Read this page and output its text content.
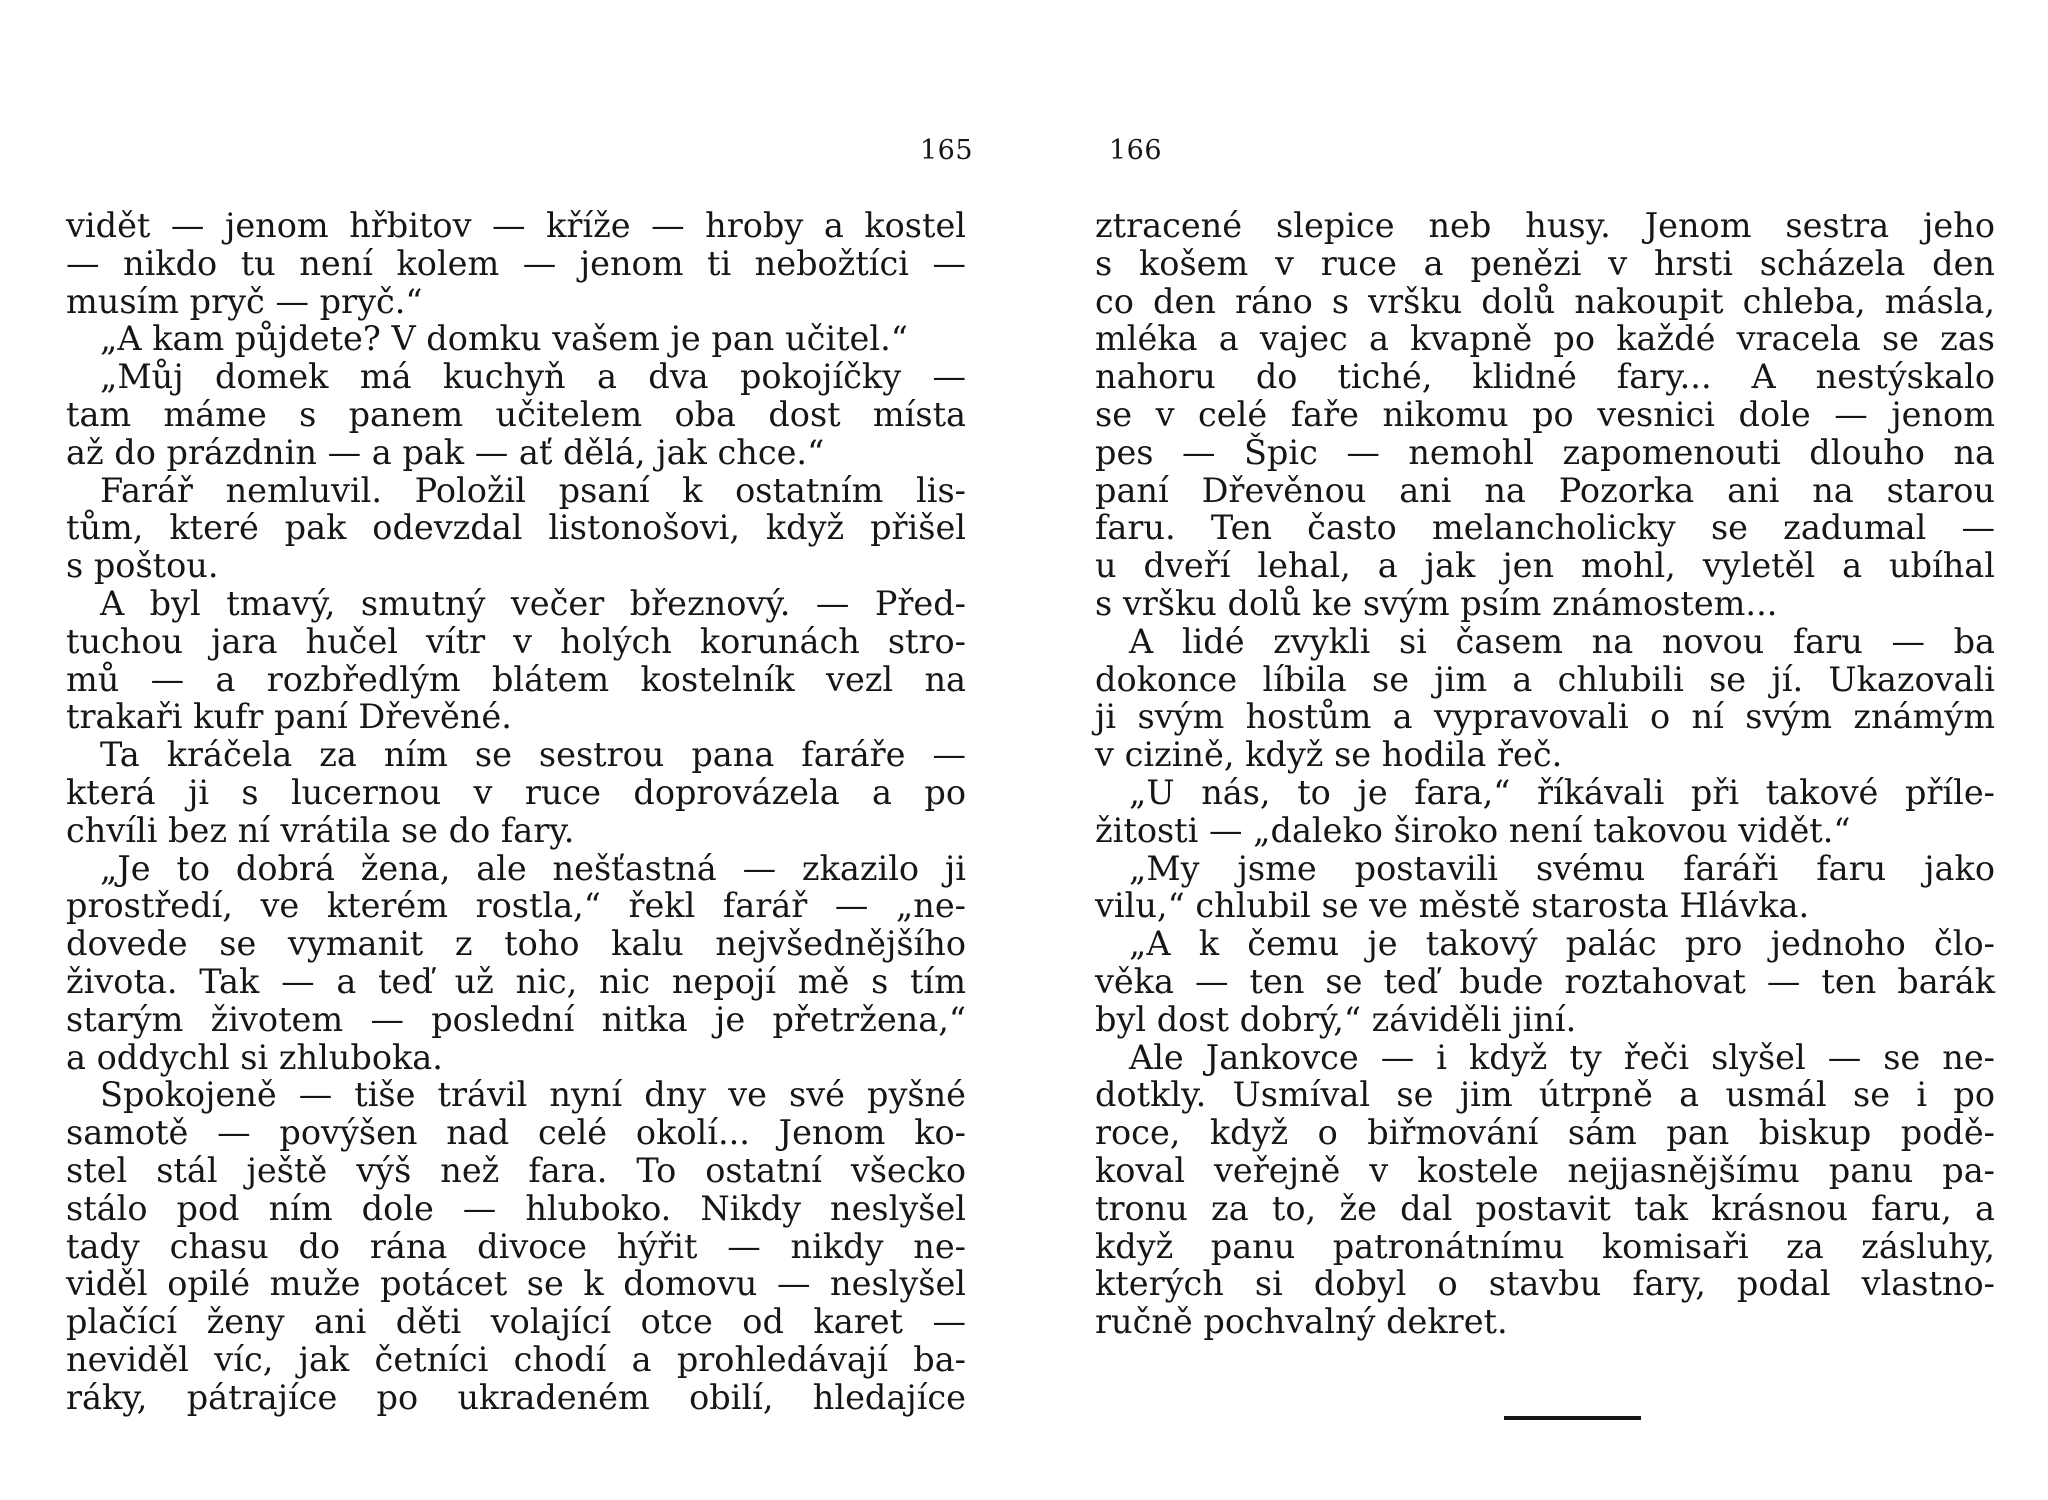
165
vidět — jenom hřbitov — kříže — hroby a kostel
— nikdo tu není kolem — jenom ti nebožtíci —
musím pryč — pryč.“
„A kam půjdete? V domku vašem je pan učitel.“
„Můj domek má kuchyň a dva pokojíčky —
tam máme s panem učitelem oba dost místa
až do prázdnin — a pak — ať dělá, jak chce.“
Farář nemluvil. Položil psaní k ostatním lis-
tům, které pak odevzdal listonošovi, když přišel
s poštou.
A byl tmavý, smutný večer březnový. — Před-
tuchou jara hučel vítr v holých korunách stro-
mů — a rozbředlým blátem kostelník vezl na
trakaři kufr paní Dřevěné.
Ta kráčela za ním se sestrou pana faráře —
která ji s lucernou v ruce doprovázela a po
chvíli bez ní vrátila se do fary.
„Je to dobrá žena, ale nešťastná — zkazilo ji
prostředí, ve kterém rostla,“ řekl farář — „ne-
dovede se vymanit z toho kalu nejvšednějšího
života. Tak — a teď už nic, nic nepojí mě s tím
starým životem — poslední nitka je přetržena,“
a oddychl si zhluboka.
Spokojeně — tiše trávil nyní dny ve své pyšné
samotě — povýšen nad celé okolí... Jenom ko-
stel stál ještě výš než fara. To ostatní všecko
stálo pod ním dole — hluboko. Nikdy neslyšel
tady chasu do rána divoce hýřit — nikdy ne-
viděl opilé muže potácet se k domovu — neslyšel
plačící ženy ani děti volající otce od karet —
neviděl víc, jak četníci chodí a prohledávají ba-
ráky, pátrajíce po ukradeném obilí, hledajíce
166
ztracené slepice neb husy. Jenom sestra jeho
s košem v ruce a penězi v hrsti scházela den
co den ráno s vršku dolů nakoupit chleba, másla,
mléka a vajec a kvapně po každé vracela se zas
nahoru do tiché, klidné fary... A nestýskalo
se v celé faře nikomu po vesnici dole — jenom
pes — Špic — nemohl zapomenouti dlouho na
paní Dřevěnou ani na Pozorka ani na starou
faru. Ten často melancholicky se zadumal —
u dveří lehal, a jak jen mohl, vyletěl a ubíhal
s vršku dolů ke svým psím známostem...
A lidé zvykli si časem na novou faru — ba
dokonce líbila se jim a chlubili se jí. Ukazovali
ji svým hostům a vypravovali o ní svým známým
v cizině, když se hodila řeč.
„U nás, to je fara,“ říkávali při takové příle-
žitosti — „daleko široko není takovou vidět.“
„My jsme postavili svému faráři faru jako
vilu,“ chlubil se ve městě starosta Hlávka.
„A k čemu je takový palác pro jednoho člo-
věka — ten se teď bude roztahovat — ten barák
byl dost dobrý,“ záviděli jiní.
Ale Jankovce — i když ty řeči slyšel — se ne-
dotkly. Usmíval se jim útrpně a usmál se i po
roce, když o biřmování sám pan biskup podě-
koval veřejně v kostele nejjasnějšímu panu pa-
tronu za to, že dal postavit tak krásnou faru, a
když panu patronátnímu komisaři za zásluhy,
kterých si dobyl o stavbu fary, podal vlastno-
ručně pochvalný dekret.
